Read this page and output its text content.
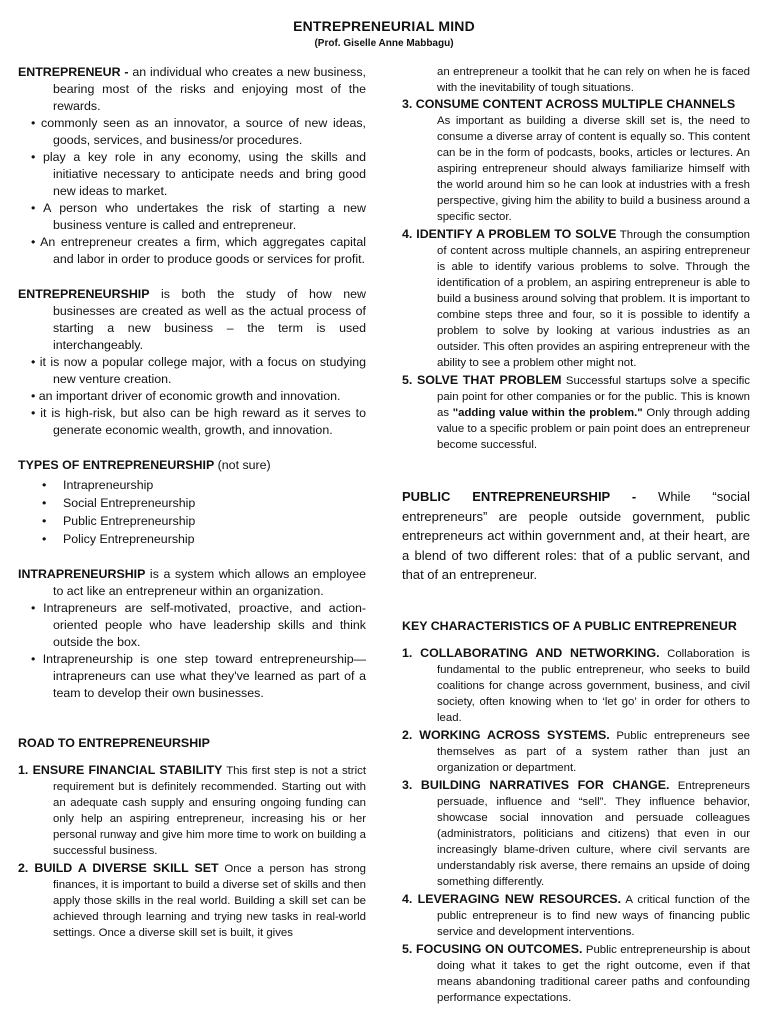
ENTREPRENEURIAL MIND
(Prof. Giselle Anne Mabbagu)

ENTREPRENEUR - an individual who creates a new business, bearing most of the risks and enjoying most of the rewards.

• commonly seen as an innovator, a source of new ideas, goods, services, and business/or procedures.

• play a key role in any economy, using the skills and initiative necessary to anticipate needs and bring good new ideas to market.

• A person who undertakes the risk of starting a new business venture is called and entrepreneur.

• An entrepreneur creates a firm, which aggregates capital and labor in order to produce goods or services for profit.

ENTREPRENEURSHIP is both the study of how new businesses are created as well as the actual process of starting a new business – the term is used interchangeably.

• it is now a popular college major, with a focus on studying new venture creation.

• an important driver of economic growth and innovation.

• it is high-risk, but also can be high reward as it serves to generate economic wealth, growth, and innovation.

TYPES OF ENTREPRENEURSHIP (not sure)

• Intrapreneurship
• Social Entrepreneurship
• Public Entrepreneurship
• Policy Entrepreneurship

INTRAPRENEURSHIP is a system which allows an employee to act like an entrepreneur within an organization.

• Intrapreneurs are self-motivated, proactive, and action-oriented people who have leadership skills and think outside the box.

• Intrapreneurship is one step toward entrepreneurship—intrapreneurs can use what they've learned as part of a team to develop their own businesses.

ROAD TO ENTREPRENEURSHIP

1. ENSURE FINANCIAL STABILITY This first step is not a strict requirement but is definitely recommended. Starting out with an adequate cash supply and ensuring ongoing funding can only help an aspiring entrepreneur, increasing his or her personal runway and give him more time to work on building a successful business.

2. BUILD A DIVERSE SKILL SET Once a person has strong finances, it is important to build a diverse set of skills and then apply those skills in the real world. Building a skill set can be achieved through learning and trying new tasks in real-world settings. Once a diverse skill set is built, it gives

an entrepreneur a toolkit that he can rely on when he is faced with the inevitability of tough situations.

3. CONSUME CONTENT ACROSS MULTIPLE CHANNELS
As important as building a diverse skill set is, the need to consume a diverse array of content is equally so. This content can be in the form of podcasts, books, articles or lectures. An aspiring entrepreneur should always familiarize himself with the world around him so he can look at industries with a fresh perspective, giving him the ability to build a business around a specific sector.

4. IDENTIFY A PROBLEM TO SOLVE Through the consumption of content across multiple channels, an aspiring entrepreneur is able to identify various problems to solve. Through the identification of a problem, an aspiring entrepreneur is able to build a business around solving that problem. It is important to combine steps three and four, so it is possible to identify a problem to solve by looking at various industries as an outsider. This often provides an aspiring entrepreneur with the ability to see a problem other might not.

5. SOLVE THAT PROBLEM Successful startups solve a specific pain point for other companies or for the public. This is known as "adding value within the problem." Only through adding value to a specific problem or pain point does an entrepreneur become successful.

PUBLIC ENTREPRENEURSHIP - While “social entrepreneurs” are people outside government, public entrepreneurs act within government and, at their heart, are a blend of two different roles: that of a public servant, and that of an entrepreneur.

KEY CHARACTERISTICS OF A PUBLIC ENTREPRENEUR

1. COLLABORATING AND NETWORKING. Collaboration is fundamental to the public entrepreneur, who seeks to build coalitions for change across government, business, and civil society, often knowing when to ‘let go’ in order for others to lead.

2. WORKING ACROSS SYSTEMS. Public entrepreneurs see themselves as part of a system rather than just an organization or department.

3. BUILDING NARRATIVES FOR CHANGE. Entrepreneurs persuade, influence and “sell”. They influence behavior, showcase social innovation and persuade colleagues (administrators, politicians and citizens) that even in our increasingly blame-driven culture, where civil servants are understandably risk averse, there remains an upside of doing something differently.

4. LEVERAGING NEW RESOURCES. A critical function of the public entrepreneur is to find new ways of financing public service and development interventions.

5. FOCUSING ON OUTCOMES. Public entrepreneurship is about doing what it takes to get the right outcome, even if that means abandoning traditional career paths and confounding performance expectations.
